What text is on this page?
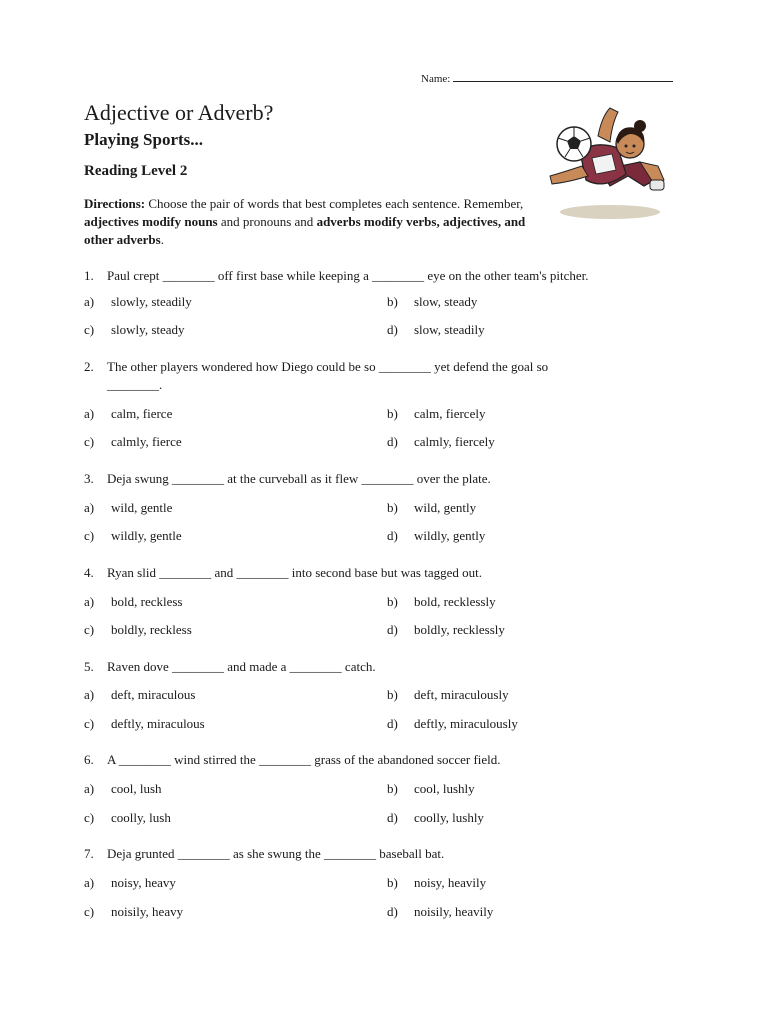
Name:
Adjective or Adverb?
Playing Sports...
Reading Level 2

Directions: Choose the pair of words that best completes each sentence. Remember, adjectives modify nouns and pronouns and adverbs modify verbs, adjectives, and other adverbs.

1. Paul crept ________ off first base while keeping a ________ eye on the other team's pitcher.
a) slowly, steadily	b) slow, steady
c) slowly, steady	d) slow, steadily
2. The other players wondered how Diego could be so ________ yet defend the goal so
________.
a) calm, fierce	b) calm, fiercely
c) calmly, fierce	d) calmly, fiercely
3. Deja swung ________ at the curveball as it flew ________ over the plate.
a) wild, gentle	b) wild, gently
c) wildly, gentle	d) wildly, gently
4. Ryan slid ________ and ________ into second base but was tagged out.
a) bold, reckless	b) bold, recklessly
c) boldly, reckless	d) boldly, recklessly
5. Raven dove ________ and made a ________ catch.
a) deft, miraculous	b) deft, miraculously
c) deftly, miraculous	d) deftly, miraculously
6. A ________ wind stirred the ________ grass of the abandoned soccer field.
a) cool, lush	b) cool, lushly
c) coolly, lush	d) coolly, lushly
7. Deja grunted ________ as she swung the ________ baseball bat.
a) noisy, heavy	b) noisy, heavily
c) noisily, heavy	d) noisily, heavily
